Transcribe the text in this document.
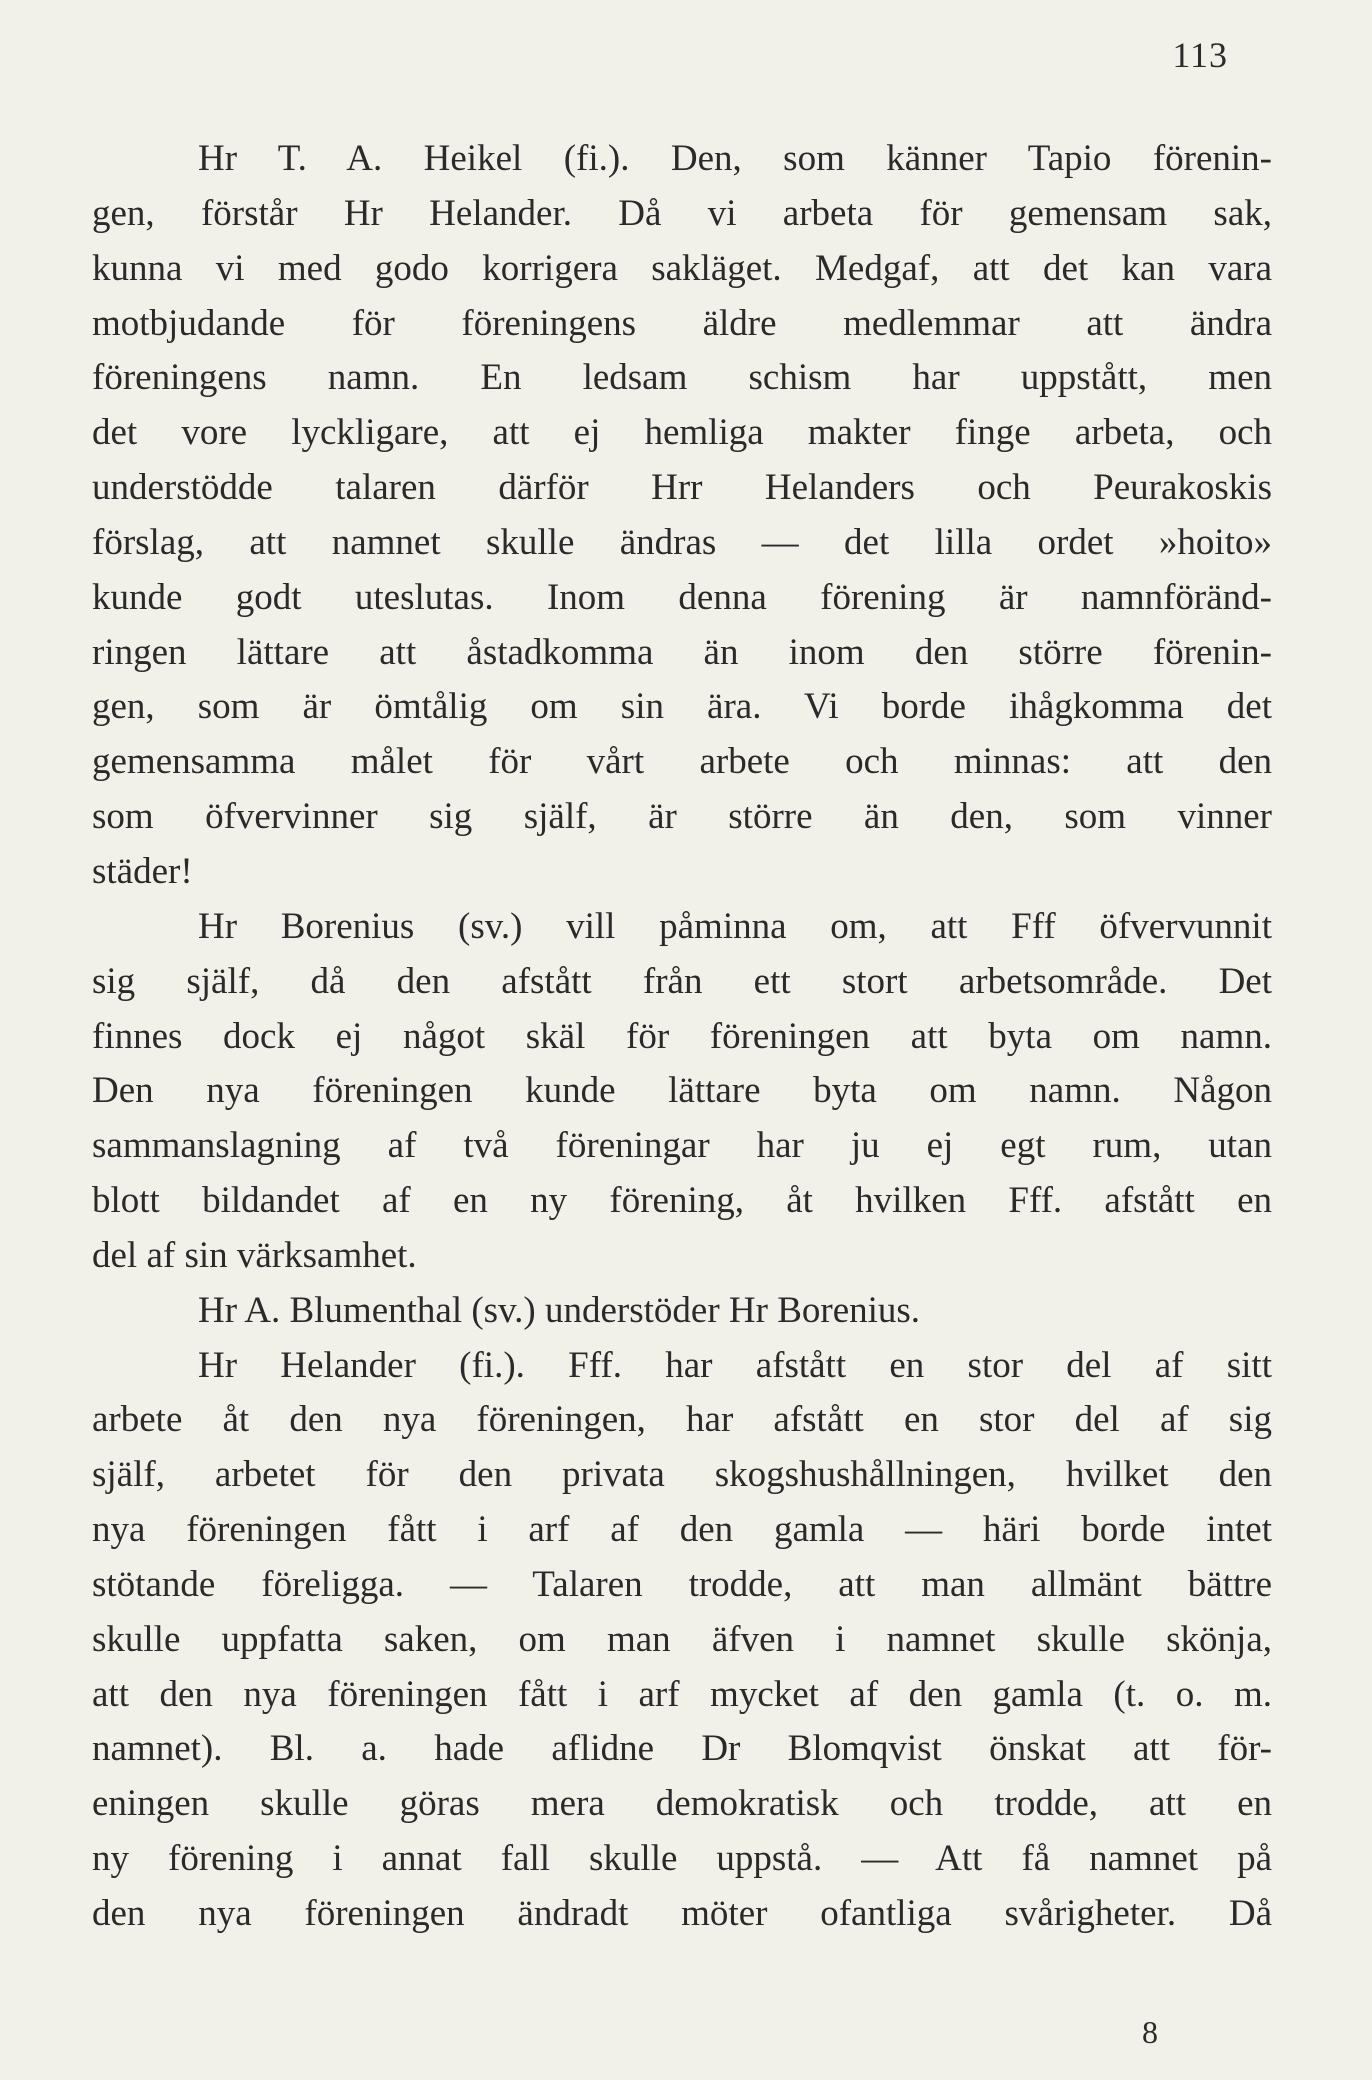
113
Hr T. A. Heikel (fi.). Den, som känner Tapio förenin-
gen, förstår Hr Helander. Då vi arbeta för gemensam sak,
kunna vi med godo korrigera sakläget. Medgaf, att det kan vara
motbjudande för föreningens äldre medlemmar att ändra
föreningens namn. En ledsam schism har uppstått, men
det vore lyckligare, att ej hemliga makter finge arbeta, och
understödde talaren därför Hrr Helanders och Peurakoskis
förslag, att namnet skulle ändras — det lilla ordet »hoito»
kunde godt uteslutas. Inom denna förening är namnföränd-
ringen lättare att åstadkomma än inom den större förenin-
gen, som är ömtålig om sin ära. Vi borde ihågkomma det
gemensamma målet för vårt arbete och minnas: att den
som öfvervinner sig själf, är större än den, som vinner
städer!
Hr Borenius (sv.) vill påminna om, att Fff öfvervunnit
sig själf, då den afstått från ett stort arbetsområde. Det
finnes dock ej något skäl för föreningen att byta om namn.
Den nya föreningen kunde lättare byta om namn. Någon
sammanslagning af två föreningar har ju ej egt rum, utan
blott bildandet af en ny förening, åt hvilken Fff. afstått en
del af sin värksamhet.
Hr A. Blumenthal (sv.) understöder Hr Borenius.
Hr Helander (fi.). Fff. har afstått en stor del af sitt
arbete åt den nya föreningen, har afstått en stor del af sig
själf, arbetet för den privata skogshushållningen, hvilket den
nya föreningen fått i arf af den gamla — häri borde intet
stötande föreligga. — Talaren trodde, att man allmänt bättre
skulle uppfatta saken, om man äfven i namnet skulle skönja,
att den nya föreningen fått i arf mycket af den gamla (t. o. m.
namnet). Bl. a. hade aflidne Dr Blomqvist önskat att för-
eningen skulle göras mera demokratisk och trodde, att en
ny förening i annat fall skulle uppstå. — Att få namnet på
den nya föreningen ändradt möter ofantliga svårigheter. Då
8
